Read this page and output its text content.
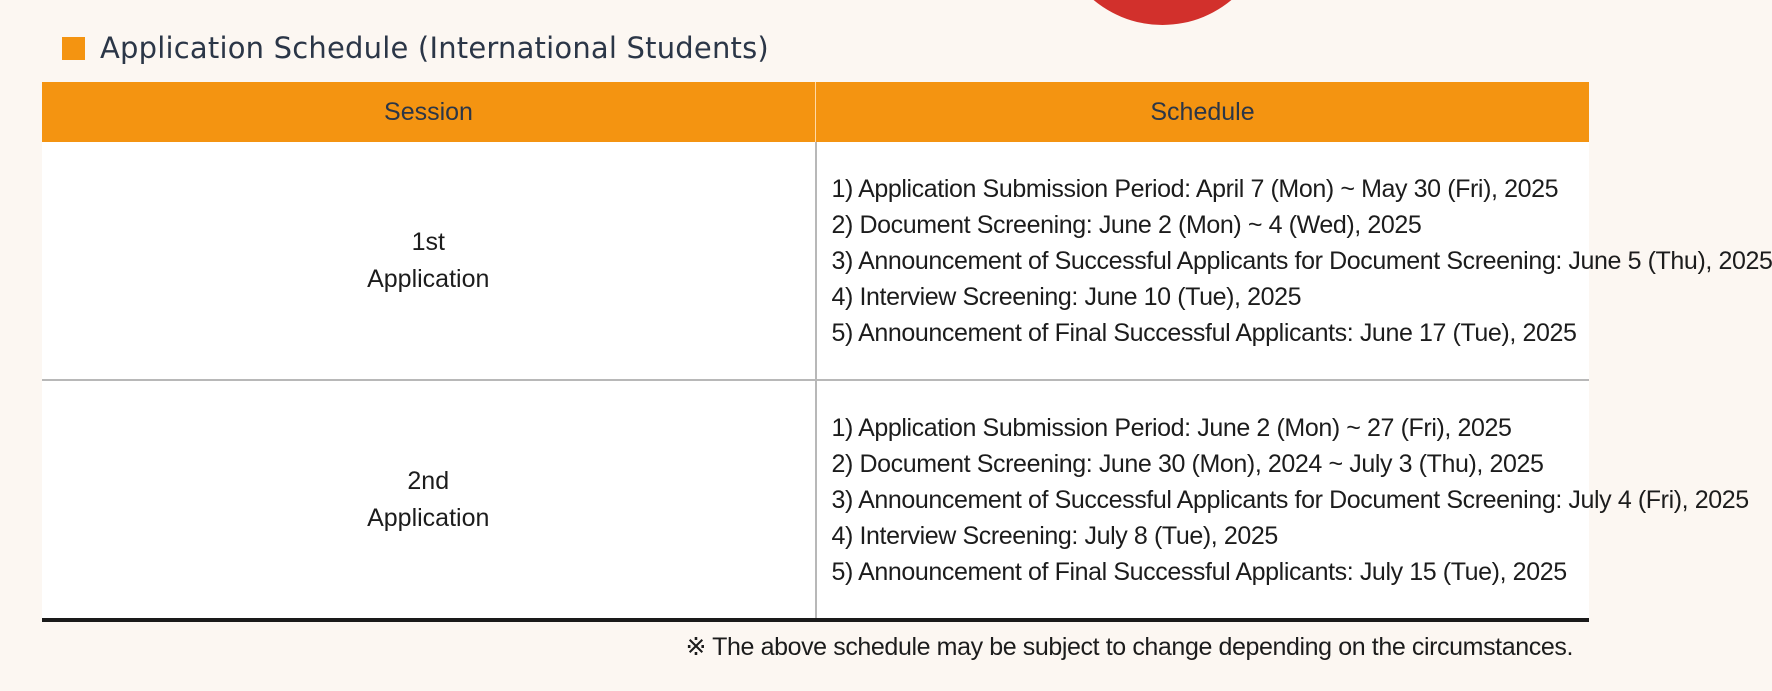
Application Schedule (International Students)
Session	Schedule

1st
Application	1) Application Submission Period: April 7 (Mon) ~ May 30 (Fri), 2025
2) Document Screening: June 2 (Mon) ~ 4 (Wed), 2025
3) Announcement of Successful Applicants for Document Screening: June 5 (Thu), 2025
4) Interview Screening: June 10 (Tue), 2025
5) Announcement of Final Successful Applicants: June 17 (Tue), 2025

2nd
Application	1) Application Submission Period: June 2 (Mon) ~ 27 (Fri), 2025
2) Document Screening: June 30 (Mon), 2024 ~ July 3 (Thu), 2025
3) Announcement of Successful Applicants for Document Screening: July 4 (Fri), 2025
4) Interview Screening: July 8 (Tue), 2025
5) Announcement of Final Successful Applicants: July 15 (Tue), 2025
※ The above schedule may be subject to change depending on the circumstances.
